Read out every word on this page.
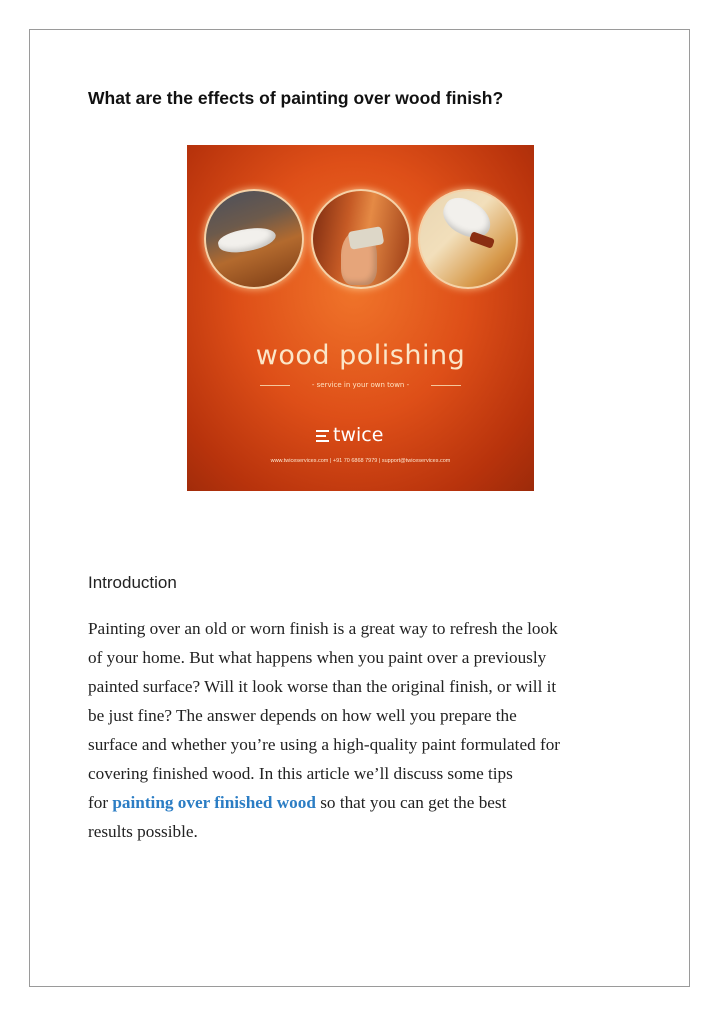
What are the effects of painting over wood finish?
wood polishing
- service in your own town -
twice
www.twiceservices.com | +91 70 6868 7979 | support@twiceservices.com
Introduction

Painting over an old or worn finish is a great way to refresh the look
of your home. But what happens when you paint over a previously
painted surface? Will it look worse than the original finish, or will it
be just fine? The answer depends on how well you prepare the
surface and whether you’re using a high-quality paint formulated for
covering finished wood. In this article we’ll discuss some tips
for painting over finished wood so that you can get the best
results possible.
